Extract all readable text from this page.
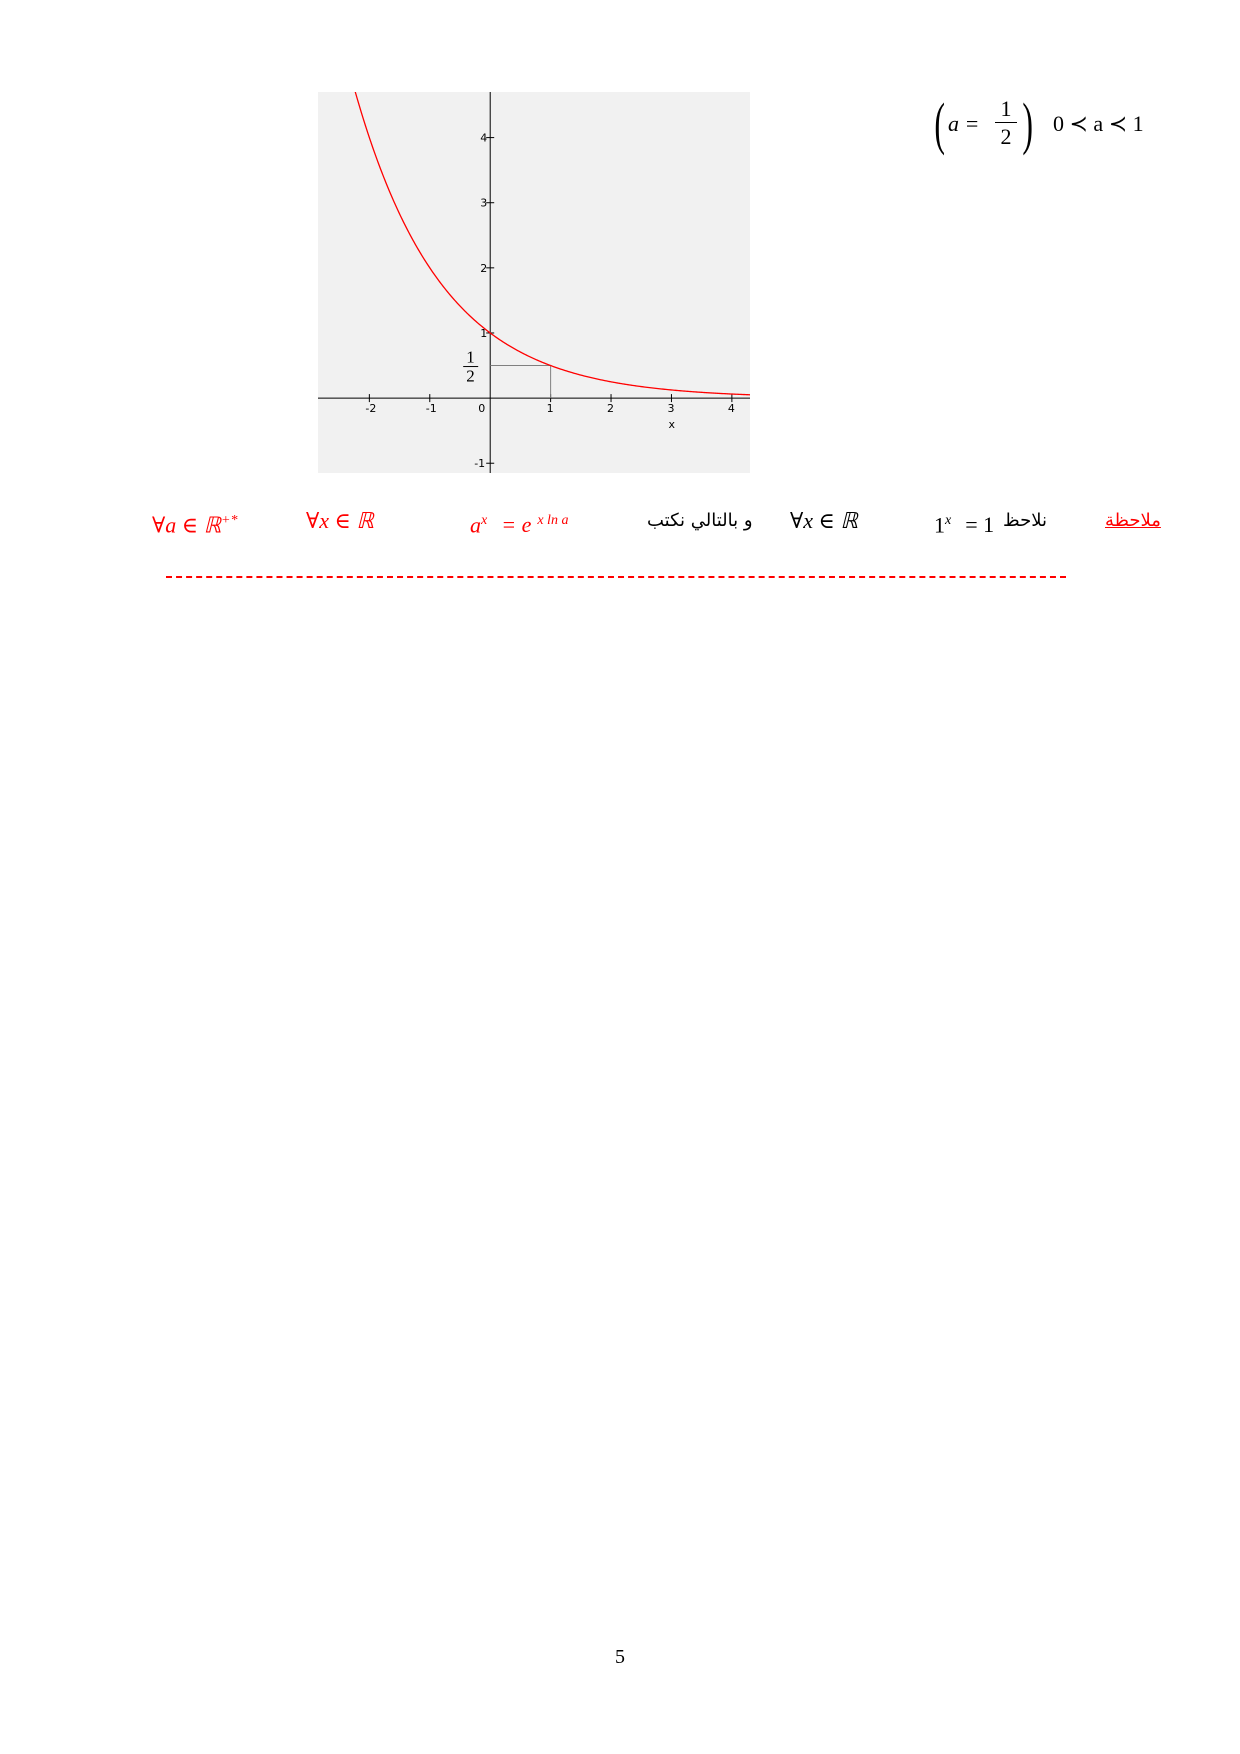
-2	-1	0	1	2	3	4
1
2
3
4
-1
x
1
2
( $a = \frac{1}{2}$ ) 0 ≺ a ≺ 1
ملاحظة
نلاحظ
$1^x = 1$
∀x ∈ ℝ
و بالتالي نكتب
$a^x = e$ $^{x ln a}$
∀x ∈ ℝ
∀a ∈ ℝ+*
5
